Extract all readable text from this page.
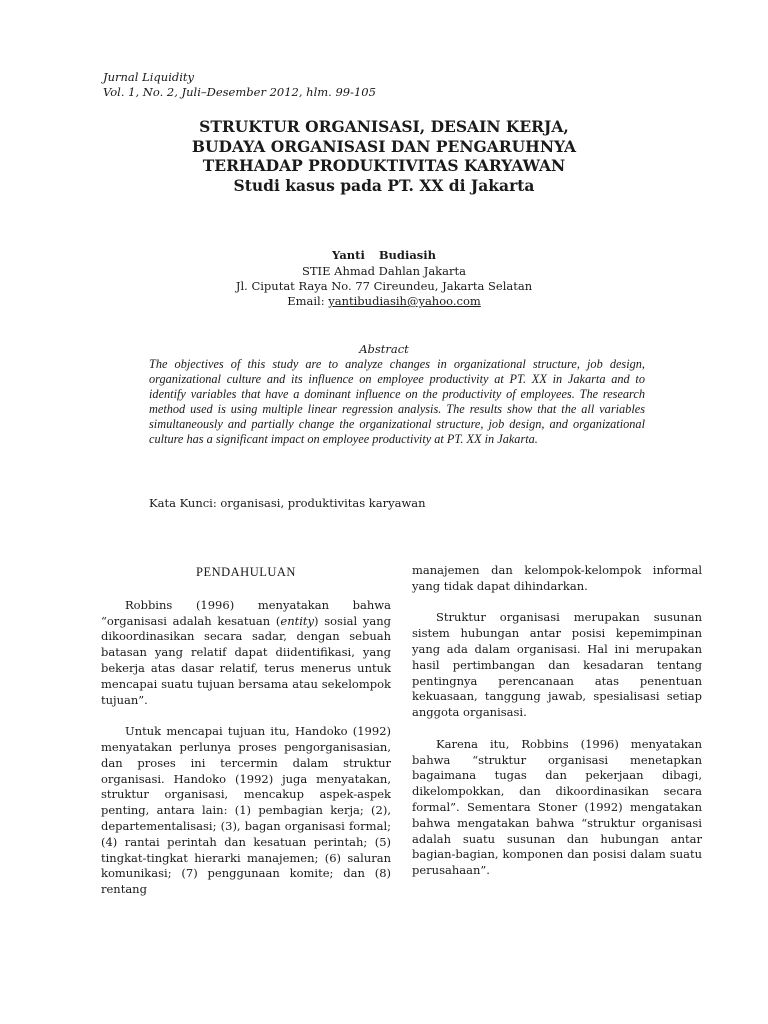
Jurnal Liquidity
Vol. 1, No. 2, Juli–Desember 2012, hlm. 99-105
STRUKTUR ORGANISASI, DESAIN KERJA,
BUDAYA ORGANISASI DAN PENGARUHNYA
TERHADAP PRODUKTIVITAS KARYAWAN
Studi kasus pada PT. XX di Jakarta
Yanti  Budiasih
STIE Ahmad Dahlan Jakarta
Jl. Ciputat Raya No. 77 Cireundeu, Jakarta Selatan
Email: yantibudiasih@yahoo.com
Abstract
The objectives of this study are to analyze changes in organizational structure, job design, organizational culture and its influence on employee productivity at PT. XX in Jakarta and to identify variables that have a dominant influence on the productivity of employees. The research method used is using multiple linear regression analysis. The results show that the all variables simultaneously and partially change the organizational structure, job design, and organizational culture has a significant impact on employee productivity at PT. XX in Jakarta.
Kata Kunci: organisasi, produktivitas karyawan
PENDAHULUAN

Robbins (1996) menyatakan bahwa “organisasi adalah kesatuan (entity) sosial yang dikoordinasikan secara sadar, dengan sebuah batasan yang relatif dapat diidentifikasi, yang bekerja atas dasar relatif, terus menerus untuk mencapai suatu tujuan bersama atau sekelompok tujuan”.

Untuk mencapai tujuan itu, Handoko (1992) menyatakan perlunya proses pengorganisasian, dan proses ini tercermin dalam struktur organisasi. Handoko (1992) juga menyatakan, struktur organisasi, mencakup aspek-aspek penting, antara lain: (1) pembagian kerja; (2), departementalisasi; (3), bagan organisasi formal; (4) rantai perintah dan kesatuan perintah; (5) tingkat-tingkat hierarki manajemen; (6) saluran komunikasi; (7) penggunaan komite; dan (8) rentang

manajemen dan kelompok-kelompok informal yang tidak dapat dihindarkan.

Struktur organisasi merupakan susunan sistem hubungan antar posisi kepemimpinan yang ada dalam organisasi. Hal ini merupakan hasil pertimbangan dan kesadaran tentang pentingnya perencanaan atas penentuan kekuasaan, tanggung jawab, spesialisasi setiap anggota organisasi.

Karena itu, Robbins (1996) menyatakan bahwa “struktur organisasi menetapkan bagaimana tugas dan pekerjaan dibagi, dikelompokkan, dan dikoordinasikan secara formal”. Sementara Stoner (1992) mengatakan bahwa mengatakan bahwa “struktur organisasi adalah suatu susunan dan hubungan antar bagian-bagian, komponen dan posisi dalam suatu perusahaan”.
